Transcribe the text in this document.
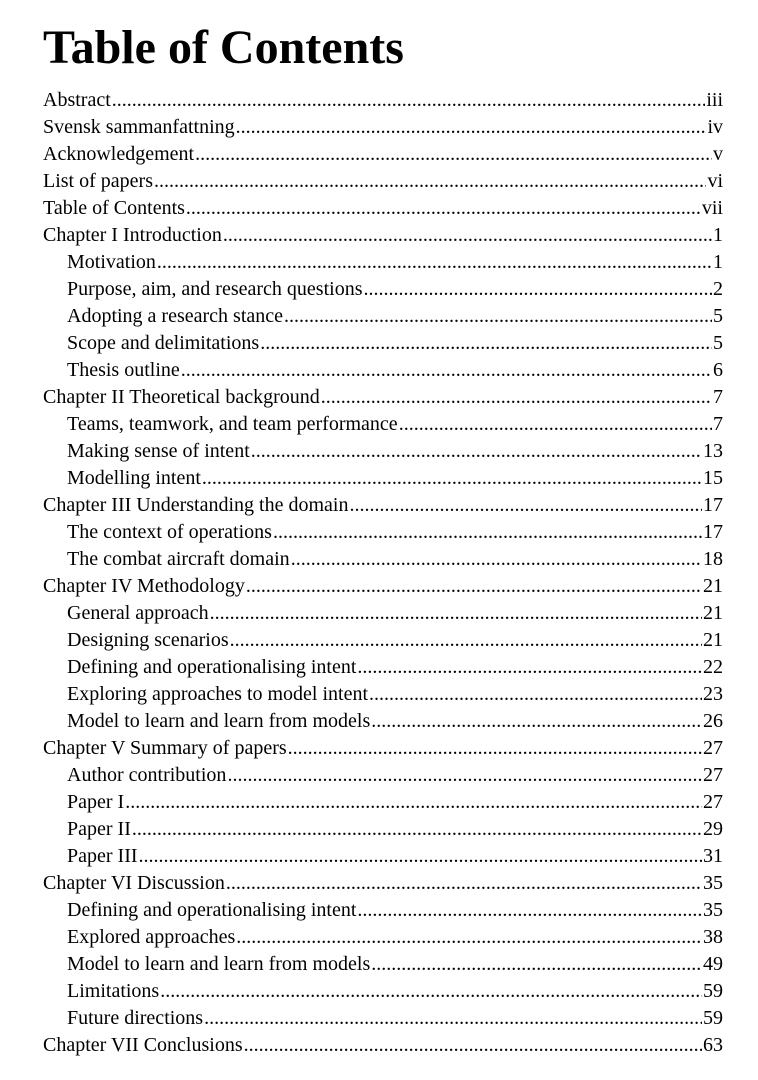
Table of Contents
Abstract .....	iii
Svensk sammanfattning .....	iv
Acknowledgement .....	v
List of papers .....	vi
Table of Contents .....	vii
Chapter I Introduction .....	1
Motivation .....	1
Purpose, aim, and research questions .....	2
Adopting a research stance .....	5
Scope and delimitations .....	5
Thesis outline .....	6
Chapter II Theoretical background .....	7
Teams, teamwork, and team performance .....	7
Making sense of intent .....	13
Modelling intent .....	15
Chapter III Understanding the domain .....	17
The context of operations .....	17
The combat aircraft domain .....	18
Chapter IV Methodology .....	21
General approach .....	21
Designing scenarios .....	21
Defining and operationalising intent .....	22
Exploring approaches to model intent .....	23
Model to learn and learn from models .....	26
Chapter V Summary of papers .....	27
Author contribution .....	27
Paper I .....	27
Paper II .....	29
Paper III .....	31
Chapter VI Discussion .....	35
Defining and operationalising intent .....	35
Explored approaches .....	38
Model to learn and learn from models .....	49
Limitations .....	59
Future directions .....	59
Chapter VII Conclusions .....	63
